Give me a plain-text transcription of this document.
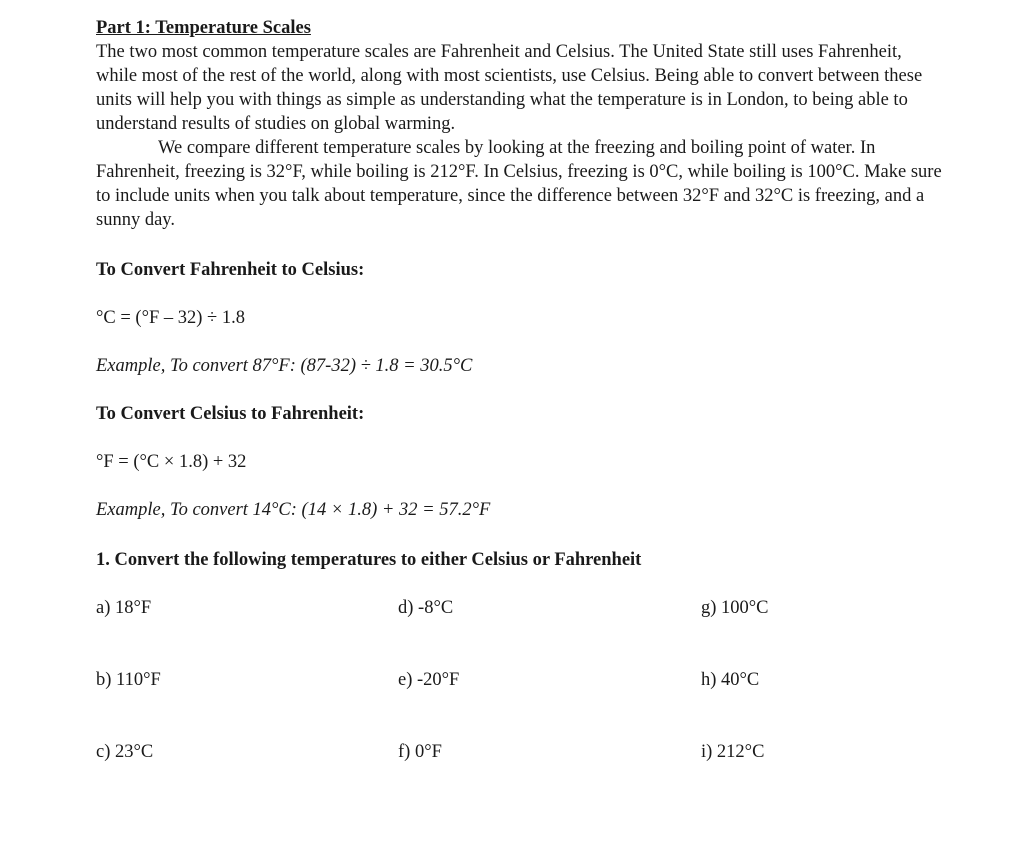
Part 1: Temperature Scales

The two most common temperature scales are Fahrenheit and Celsius. The United State still uses Fahrenheit, while most of the rest of the world, along with most scientists, use Celsius. Being able to convert between these units will help you with things as simple as understanding what the temperature is in London, to being able to understand results of studies on global warming.

We compare different temperature scales by looking at the freezing and boiling point of water. In Fahrenheit, freezing is 32°F, while boiling is 212°F. In Celsius, freezing is 0°C, while boiling is 100°C. Make sure to include units when you talk about temperature, since the difference between 32°F and 32°C is freezing, and a sunny day.

To Convert Fahrenheit to Celsius:
°C = (°F – 32) ÷ 1.8
Example, To convert 87°F: (87-32) ÷ 1.8 = 30.5°C
To Convert Celsius to Fahrenheit:
°F = (°C × 1.8) + 32
Example, To convert 14°C: (14 × 1.8) + 32 = 57.2°F
1. Convert the following temperatures to either Celsius or Fahrenheit
a) 18°F	d) -8°C	g) 100°C
b) 110°F	e) -20°F	h) 40°C
c) 23°C	f) 0°F	i) 212°C
